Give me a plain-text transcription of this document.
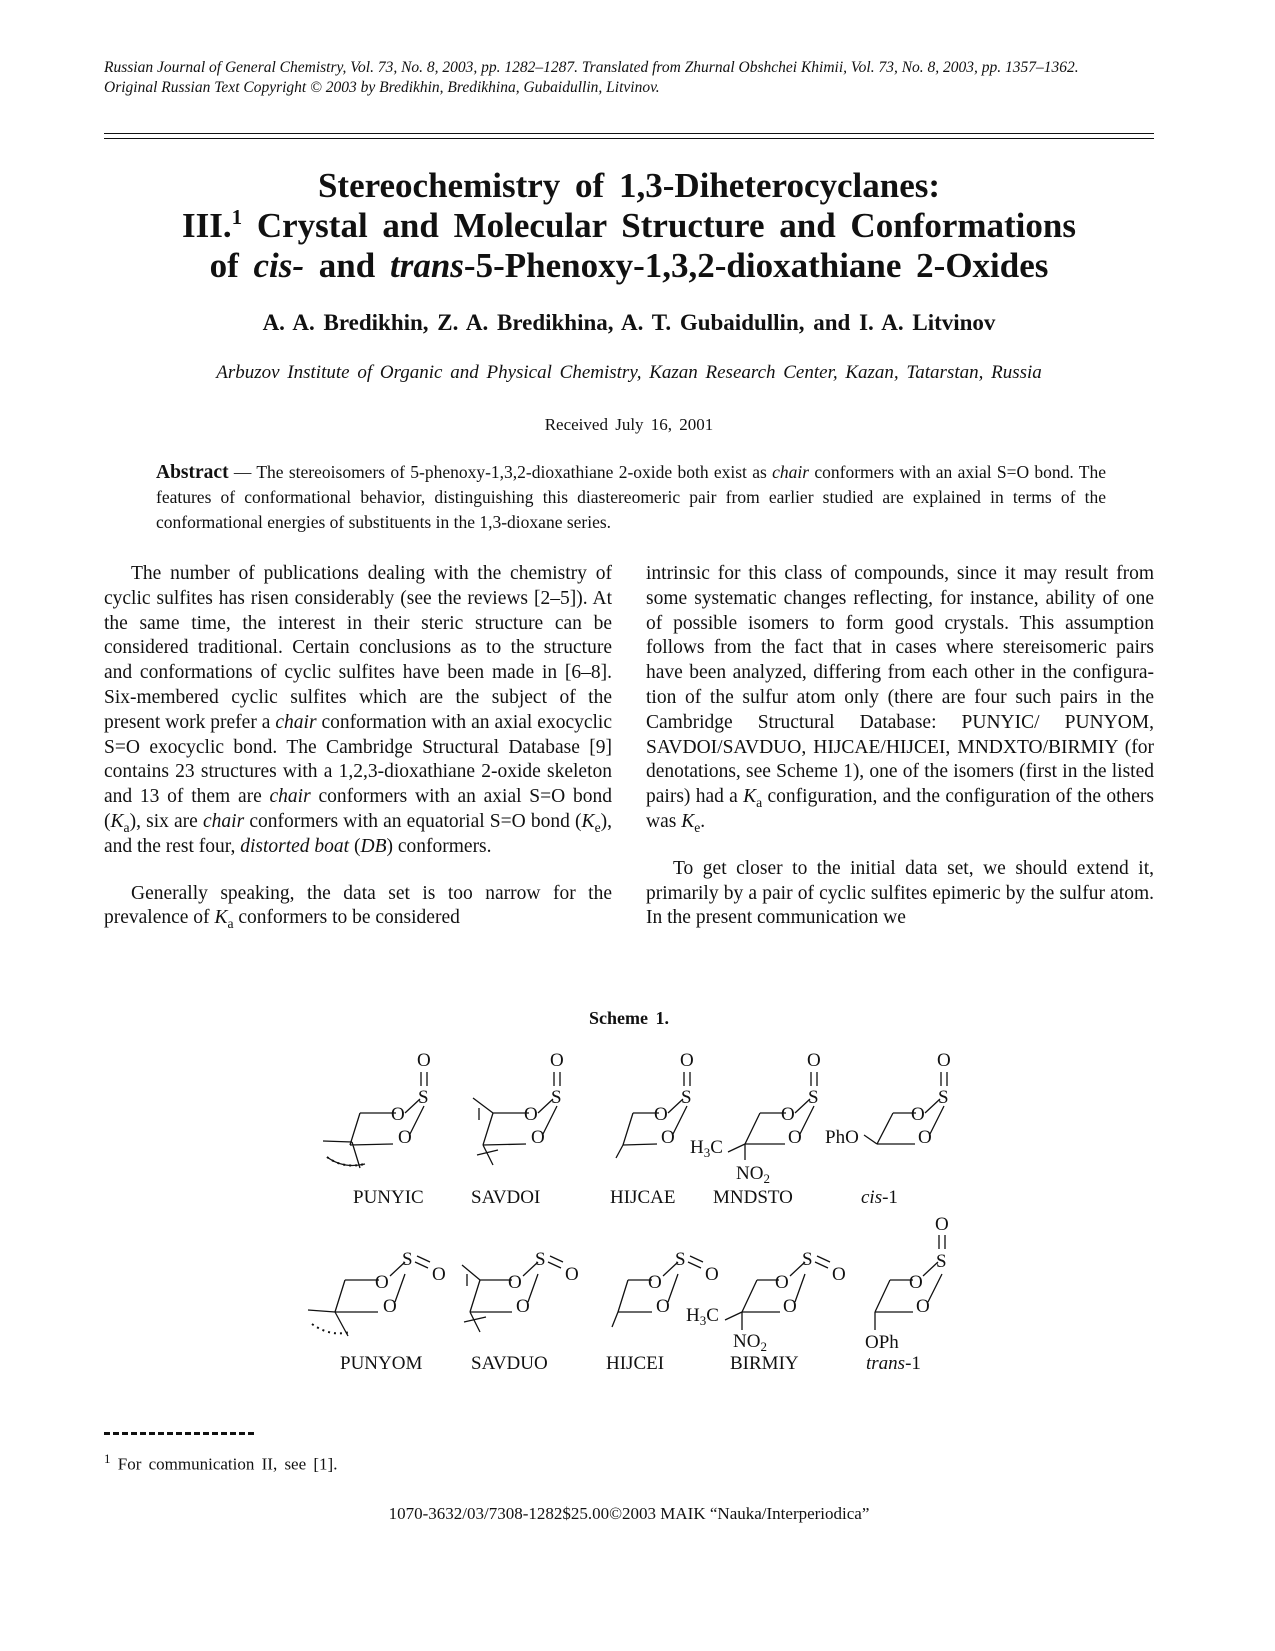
Russian Journal of General Chemistry, Vol. 73, No. 8, 2003, pp. 1282–1287. Translated from Zhurnal Obshchei Khimii, Vol. 73, No. 8, 2003, pp. 1357–1362.
Original Russian Text Copyright © 2003 by Bredikhin, Bredikhina, Gubaidullin, Litvinov.
Stereochemistry of 1,3-Diheterocyclanes:
III.$^1$ Crystal and Molecular Structure and Conformations
of cis- and trans-5-Phenoxy-1,3,2-dioxathiane 2-Oxides
A. A. Bredikhin, Z. A. Bredikhina, A. T. Gubaidullin, and I. A. Litvinov
Arbuzov Institute of Organic and Physical Chemistry, Kazan Research Center, Kazan, Tatarstan, Russia
Received July 16, 2001
Abstract — The stereoisomers of 5-phenoxy-1,3,2-dioxathiane 2-oxide both exist as chair conformers with an axial S=O bond. The features of conformational behavior, distinguishing this diastereomeric pair from earlier studied are explained in terms of the conformational energies of substituents in the 1,3-dioxane series.

The number of publications dealing with the chemistry of cyclic sulfites has risen considerably (see the reviews [2–5]). At the same time, the interest in their steric structure can be considered traditional. Certain conclusions as to the structure and conformations of cyclic sulfites have been made in [6–8]. Six-membered cyclic sulfites which are the subject of the present work prefer a chair conformation with an axial exocyclic S=O exocyclic bond. The Cambridge Structural Database [9] contains 23 structures with a 1,2,3-dioxathiane 2-oxide skeleton and 13 of them are chair conformers with an axial S=O bond $(K_a)$, six are chair conformers with an equatorial S=O bond $(K_e)$, and the rest four, distorted boat (DB) conformers.

Generally speaking, the data set is too narrow for the prevalence of $K_a$ conformers to be considered

intrinsic for this class of compounds, since it may result from some systematic changes reflecting, for instance, ability of one of possible isomers to form good crystals. This assumption follows from the fact that in cases where stereisomeric pairs have been analyzed, differing from each other in the configuration of the sulfur atom only (there are four such pairs in the Cambridge Structural Database: PUNYIC/ PUNYOM, SAVDOI/SAVDUO, HIJCAE/HIJCEI, MNDXTO/BIRMIY (for denotations, see Scheme 1), one of the isomers (first in the listed pairs) had a $K_a$ configuration, and the configuration of the others was $K_e$.

To get closer to the initial data set, we should extend it, primarily by a pair of cyclic sulfites epimeric by the sulfur atom. In the present communication we

Scheme 1.
O
O
S
O
O
O
S
O
O
O
S
O
O
O
S
O
$H_3C$
$NO_2$
PhO
O
O
S
O
PUNYIC SAVDOI	HIJCAE MNDSTO	cis-1
O
O
S
O	O
O
S
O	O
O
S
O	O
O
S
O
$H_3C$
$NO_2$
O
O
S
O
OPh
PUNYOM	SAVDUO	HIJCEI	BIRMIY	trans-1
$^1$ For communication II, see [1].
1070-3632/03/7308-1282$25.00©2003 MAIK “Nauka/Interperiodica”
